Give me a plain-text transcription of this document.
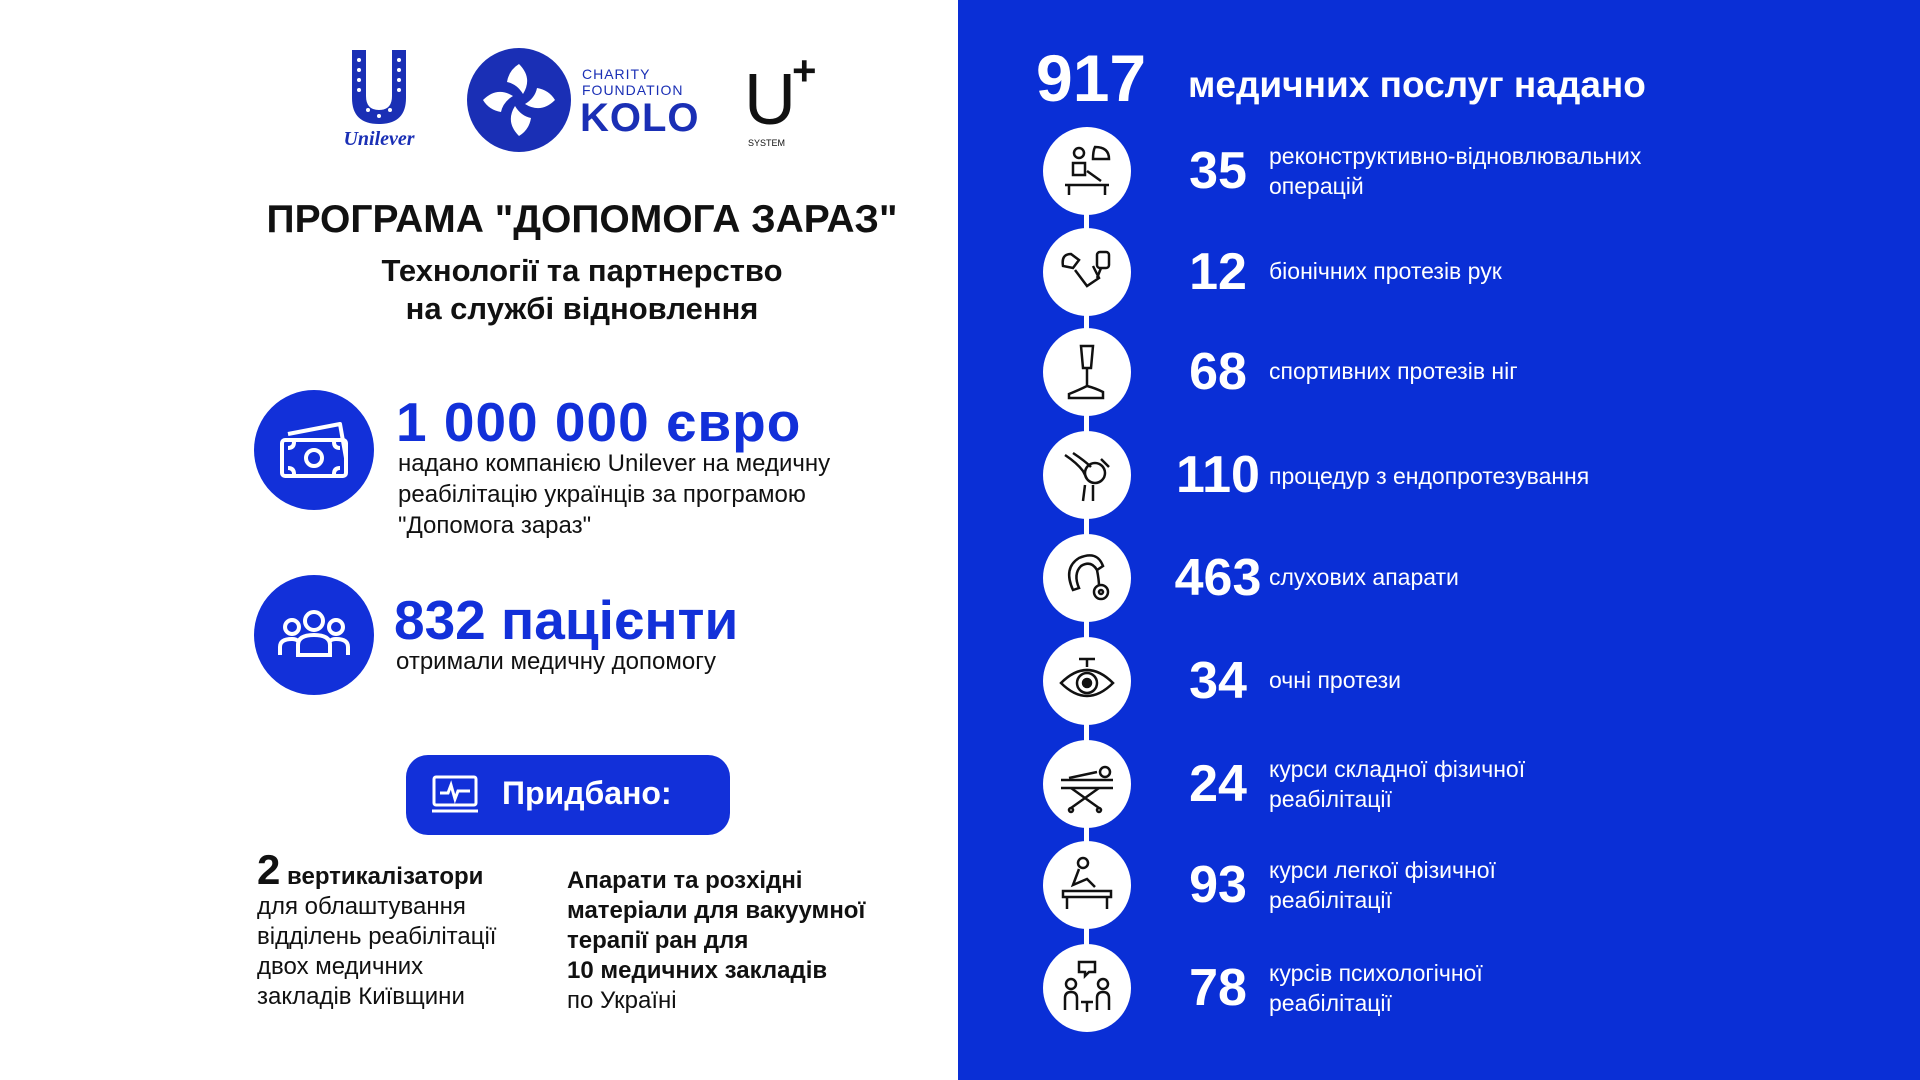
Unilever
CHARITY
FOUNDATION
KOLO U
+
SYSTEM
ПРОГРАМА "ДОПОМОГА ЗАРАЗ"
Технології та партнерство
на службі відновлення
1 000 000 євро
надано компанією Unilever на медичну
реабілітацію українців за програмою
"Допомога зараз"
832 пацієнти
отримали медичну допомогу
Придбано:
2 вертикалізатори
для облаштування
відділень реабілітації
двох медичних
закладів Київщини
Апарати та розхідні
матеріали для вакуумної
терапії ран для
10 медичних закладів
по Україні
917 медичних послуг надано
35 реконструктивно-відновлювальних
операцій
12 біонічних протезів рук
68 спортивних протезів ніг
110 процедур з ендопротезування
463 слухових апарати
34 очні протези
24 курси складної фізичної
реабілітації
93 курси легкої фізичної
реабілітації
78 курсів психологічної
реабілітації
